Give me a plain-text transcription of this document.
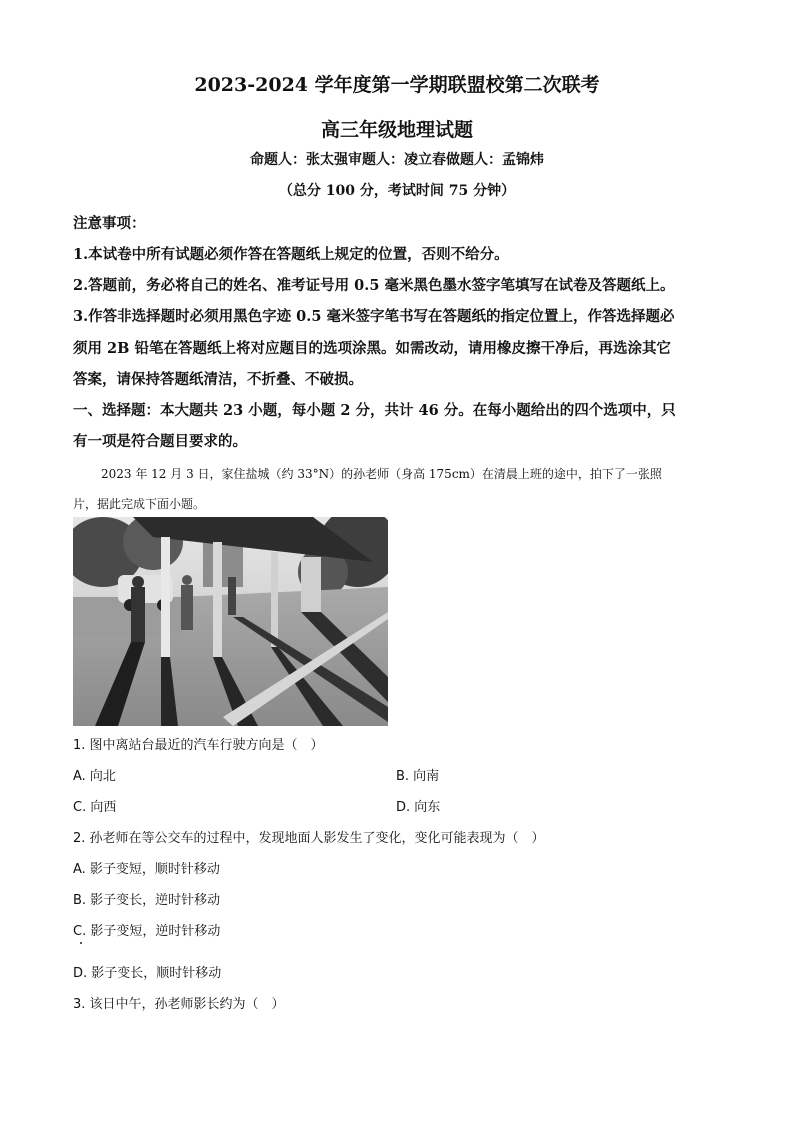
2023-2024 学年度第一学期联盟校第二次联考
高三年级地理试题
命题人：张太强审题人：凌立春做题人：孟锦炜
（总分 100 分，考试时间 75 分钟）
注意事项：
1.本试卷中所有试题必须作答在答题纸上规定的位置，否则不给分。
2.答题前，务必将自己的姓名、准考证号用 0.5 毫米黑色墨水签字笔填写在试卷及答题纸上。
3.作答非选择题时必须用黑色字迹 0.5 毫米签字笔书写在答题纸的指定位置上，作答选择题必
须用 2B 铅笔在答题纸上将对应题目的选项涂黑。如需改动，请用橡皮擦干净后，再选涂其它
答案，请保持答题纸清洁，不折叠、不破损。
一、选择题：本大题共 23 小题，每小题 2 分，共计 46 分。在每小题给出的四个选项中，只
有一项是符合题目要求的。
2023 年 12 月 3 日，家住盐城（约 33°N）的孙老师（身高 175cm）在清晨上班的途中，拍下了一张照
片，据此完成下面小题。
1. 图中离站台最近的汽车行驶方向是（　）
A. 向北	B. 向南
C. 向西	D. 向东
2. 孙老师在等公交车的过程中，发现地面人影发生了变化，变化可能表现为（　）
A. 影子变短，顺时针移动
B. 影子变长，逆时针移动
C. 影子变短，逆时针移动
D. 影子变长，顺时针移动
3. 该日中午，孙老师影长约为（　）
